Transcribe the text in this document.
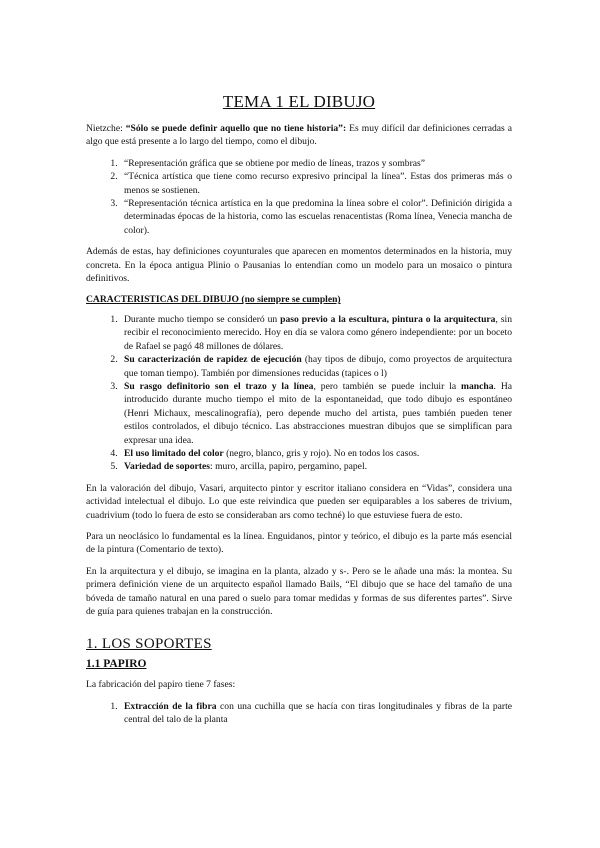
TEMA 1 EL DIBUJO

Nietzche: “Sólo se puede definir aquello que no tiene historia”: Es muy difícil dar definiciones cerradas a algo que está presente a lo largo del tiempo, como el dibujo.

1. “Representación gráfica que se obtiene por medio de líneas, trazos y sombras”
2. “Técnica artística que tiene como recurso expresivo principal la línea”. Estas dos primeras más o menos se sostienen.
3. “Representación técnica artística en la que predomina la línea sobre el color”. Definición dirigida a determinadas épocas de la historia, como las escuelas renacentistas (Roma línea, Venecia mancha de color).

Además de estas, hay definiciones coyunturales que aparecen en momentos determinados en la historia, muy concreta. En la época antigua Plinio o Pausanias lo entendían como un modelo para un mosaico o pintura definitivos.

CARACTERISTICAS DEL DIBUJO (no siempre se cumplen)
1. Durante mucho tiempo se consideró un paso previo a la escultura, pintura o la arquitectura, sin recibir el reconocimiento merecido. Hoy en día se valora como género independiente: por un boceto de Rafael se pagó 48 millones de dólares.
2. Su caracterización de rapidez de ejecución (hay tipos de dibujo, como proyectos de arquitectura que toman tiempo). También por dimensiones reducidas (tapices o l)
3. Su rasgo definitorio son el trazo y la línea, pero también se puede incluir la mancha. Ha introducido durante mucho tiempo el mito de la espontaneidad, que todo dibujo es espontáneo (Henri Michaux, mescalinografía), pero depende mucho del artista, pues también pueden tener estilos controlados, el dibujo técnico. Las abstracciones muestran dibujos que se simplifican para expresar una idea.
4. El uso limitado del color (negro, blanco, gris y rojo). No en todos los casos.
5. Variedad de soportes: muro, arcilla, papiro, pergamino, papel.

En la valoración del dibujo, Vasari, arquitecto pintor y escritor italiano considera en “Vidas”, considera una actividad intelectual el dibujo. Lo que este reivindica que pueden ser equiparables a los saberes de trivium, cuadrivium (todo lo fuera de esto se consideraban ars como techné) lo que estuviese fuera de esto.

Para un neoclásico lo fundamental es la línea. Enguidanos, pintor y teórico, el dibujo es la parte más esencial de la pintura (Comentario de texto).

En la arquitectura y el dibujo, se imagina en la planta, alzado y s-. Pero se le añade una más: la montea. Su primera definición viene de un arquitecto español llamado Bails, “El dibujo que se hace del tamaño de una bóveda de tamaño natural en una pared o suelo para tomar medidas y formas de sus diferentes partes”. Sirve de guía para quienes trabajan en la construcción.

1. LOS SOPORTES
1.1 PAPIRO

La fabricación del papiro tiene 7 fases:

1. Extracción de la fibra con una cuchilla que se hacía con tiras longitudinales y fibras de la parte central del talo de la planta
